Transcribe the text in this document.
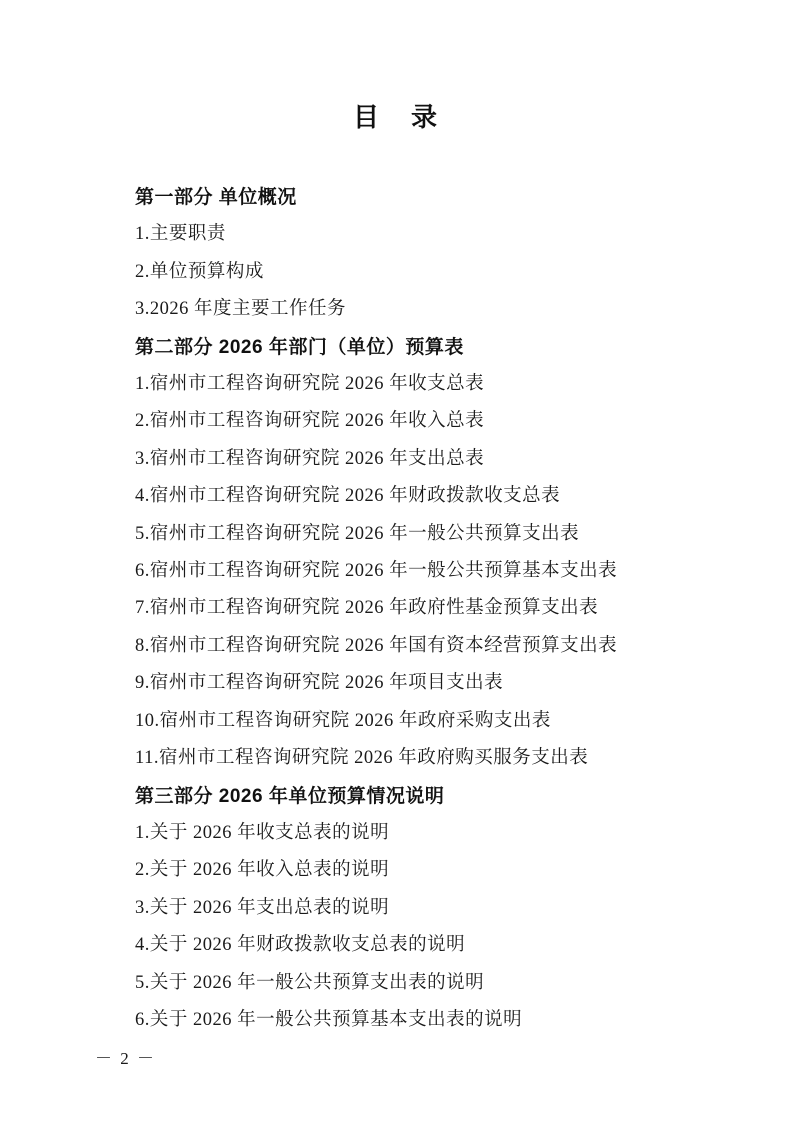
目　录
第一部分 单位概况
1.主要职责
2.单位预算构成
3.2026 年度主要工作任务
第二部分 2026 年部门（单位）预算表
1.宿州市工程咨询研究院 2026 年收支总表
2.宿州市工程咨询研究院 2026 年收入总表
3.宿州市工程咨询研究院 2026 年支出总表
4.宿州市工程咨询研究院 2026 年财政拨款收支总表
5.宿州市工程咨询研究院 2026 年一般公共预算支出表
6.宿州市工程咨询研究院 2026 年一般公共预算基本支出表
7.宿州市工程咨询研究院 2026 年政府性基金预算支出表
8.宿州市工程咨询研究院 2026 年国有资本经营预算支出表
9.宿州市工程咨询研究院 2026 年项目支出表
10.宿州市工程咨询研究院 2026 年政府采购支出表
11.宿州市工程咨询研究院 2026 年政府购买服务支出表
第三部分 2026 年单位预算情况说明
1.关于 2026 年收支总表的说明
2.关于 2026 年收入总表的说明
3.关于 2026 年支出总表的说明
4.关于 2026 年财政拨款收支总表的说明
5.关于 2026 年一般公共预算支出表的说明
6.关于 2026 年一般公共预算基本支出表的说明
－ 2 －
